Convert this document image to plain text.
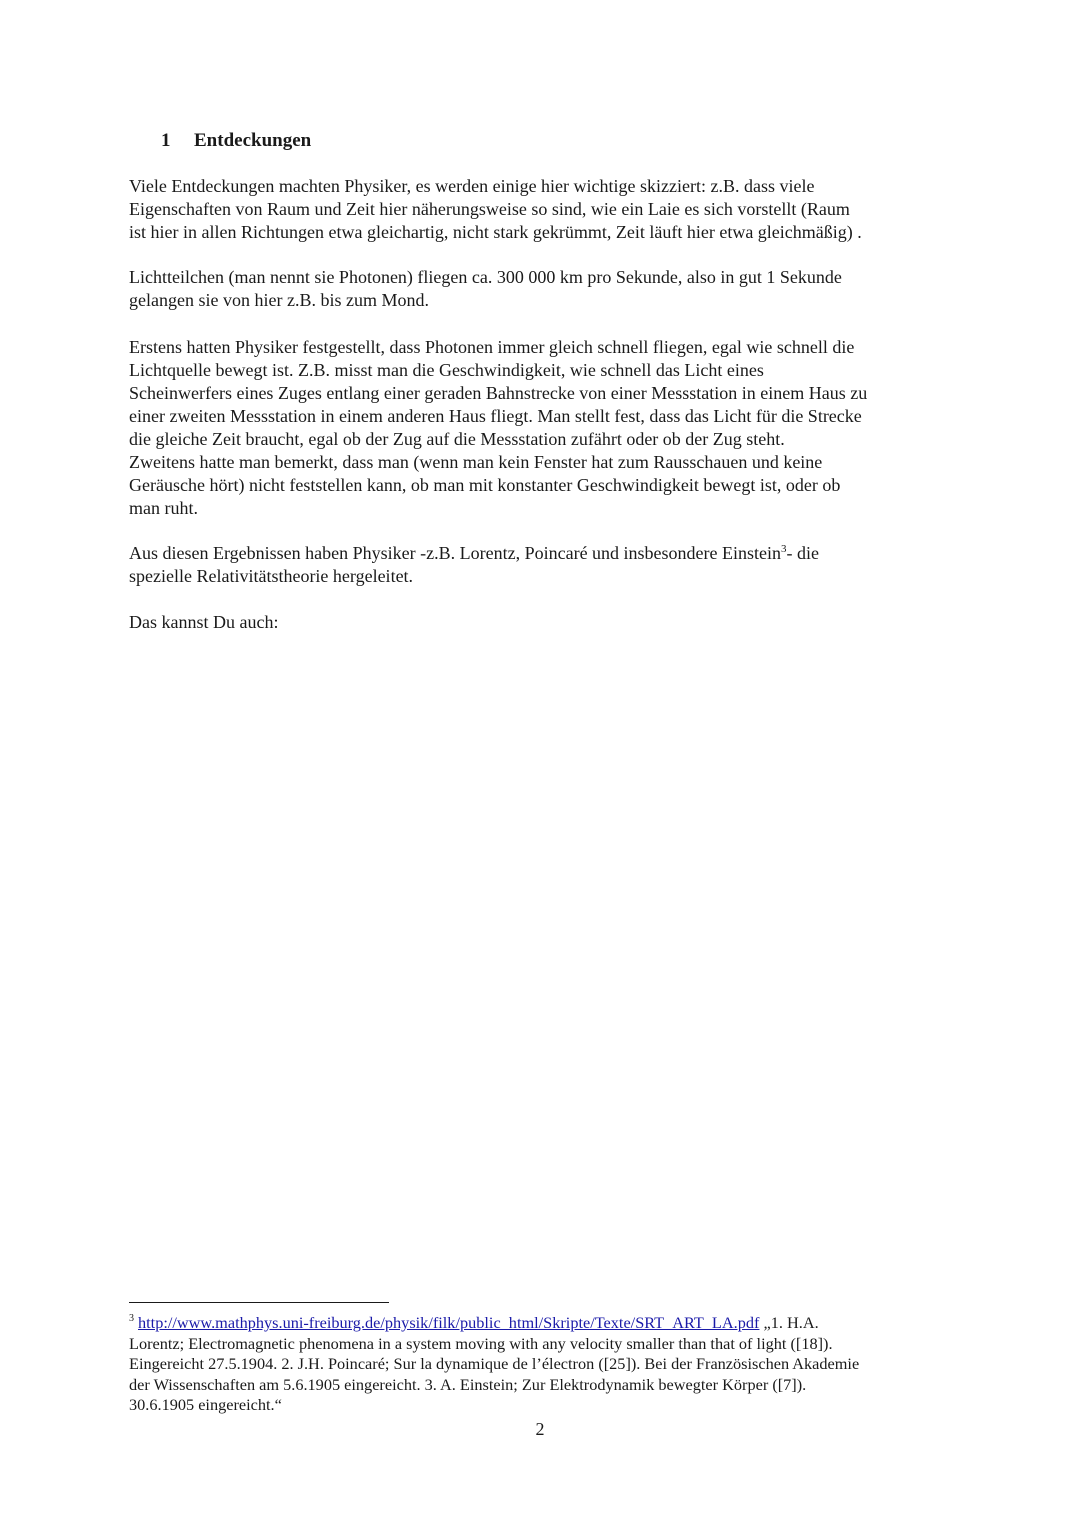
1 Entdeckungen
Viele Entdeckungen machten Physiker, es werden einige hier wichtige skizziert: z.B. dass viele
Eigenschaften von Raum und Zeit hier näherungsweise so sind, wie ein Laie es sich vorstellt (Raum
ist hier in allen Richtungen etwa gleichartig, nicht stark gekrümmt, Zeit läuft hier etwa gleichmäßig) .
Lichtteilchen (man nennt sie Photonen) fliegen ca. 300 000 km pro Sekunde, also in gut 1 Sekunde
gelangen sie von hier z.B. bis zum Mond.
Erstens hatten Physiker festgestellt, dass Photonen immer gleich schnell fliegen, egal wie schnell die
Lichtquelle bewegt ist. Z.B. misst man die Geschwindigkeit, wie schnell das Licht eines
Scheinwerfers eines Zuges entlang einer geraden Bahnstrecke von einer Messstation in einem Haus zu
einer zweiten Messstation in einem anderen Haus fliegt. Man stellt fest, dass das Licht für die Strecke
die gleiche Zeit braucht, egal ob der Zug auf die Messstation zufährt oder ob der Zug steht.
Zweitens hatte man bemerkt, dass man (wenn man kein Fenster hat zum Rausschauen und keine
Geräusche hört) nicht feststellen kann, ob man mit konstanter Geschwindigkeit bewegt ist, oder ob
man ruht.
Aus diesen Ergebnissen haben Physiker -z.B. Lorentz, Poincaré und insbesondere Einstein$^3$- die
spezielle Relativitätstheorie hergeleitet.
Das kannst Du auch:
$^3$ http://www.mathphys.uni-freiburg.de/physik/filk/public_html/Skripte/Texte/SRT_ART_LA.pdf „1. H.A.
Lorentz; Electromagnetic phenomena in a system moving with any velocity smaller than that of light ([18]).
Eingereicht 27.5.1904. 2. J.H. Poincaré; Sur la dynamique de l’électron ([25]). Bei der Französischen Akademie
der Wissenschaften am 5.6.1905 eingereicht. 3. A. Einstein; Zur Elektrodynamik bewegter Körper ([7]).
30.6.1905 eingereicht.“
2
